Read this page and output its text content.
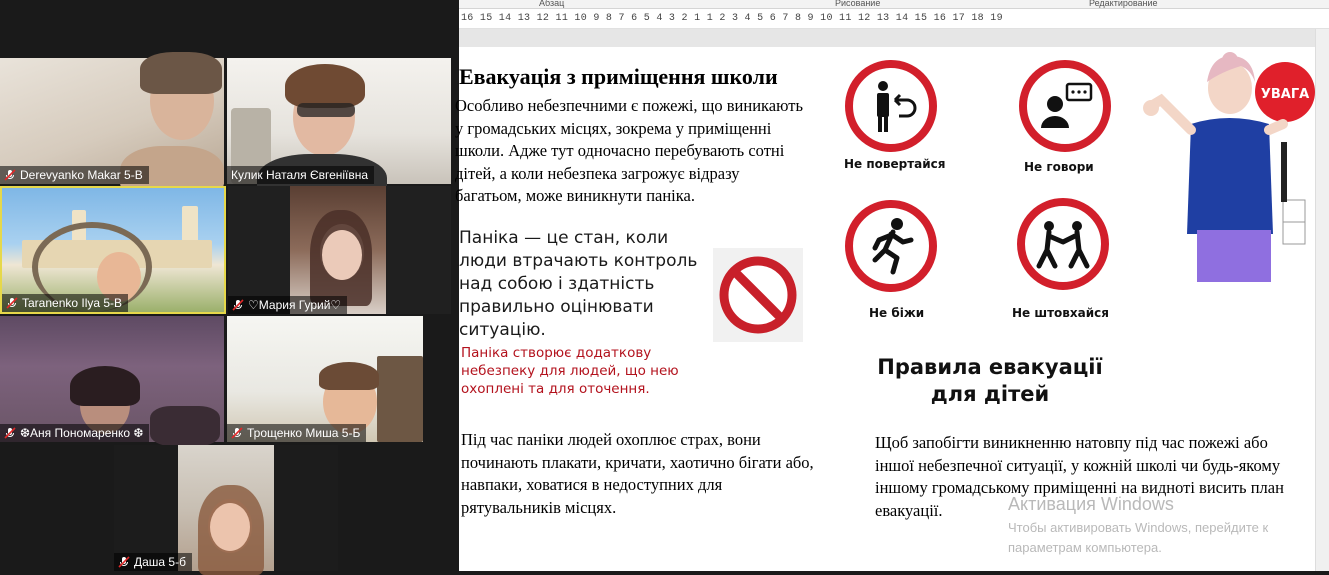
Derevyanko Makar 5-В	Кулик Наталя Євгеніївна
Taranenko Ilya 5-B	♡Мария Гурий♡
❆Аня Пономаренко ❆	Трощенко Миша 5-Б
Даша 5-б
Абзац	Рисование	Редактирование
16 15 14 13 12 11 10 9 8 7 6 5 4 3 2 1 1 2 3 4 5 6 7 8 9 10 11 12 13 14 15 16 17 18 19
Евакуація з приміщення школи
Особливо небезпечними є пожежі, що виникають у громадських місцях, зокрема у приміщенні школи. Адже тут одночасно перебувають сотні дітей, а коли небезпека загрожує відразу багатьом, може виникнути паніка.
Паніка — це стан, коли люди втрачають контроль над собою і здатність правильно оцінювати ситуацію.
Паніка створює додаткову небезпеку для людей, що нею охоплені та для оточення.
Під час паніки людей охоплює страх, вони починають плакати, кричати, хаотично бігати або, навпаки, ховатися в недоступних для рятувальників місцях.
Не повертайся	Не говори
Не біжи	Не штовхайся
УВАГА
Правила евакуації
для дітей
Щоб запобігти виникненню натовпу під час пожежі або іншої небезпечної ситуації, у кожній школі чи будь-якому іншому громадському приміщенні на видноті висить план евакуації.	Активация Windows
Чтобы активировать Windows, перейдите к параметрам компьютера.
